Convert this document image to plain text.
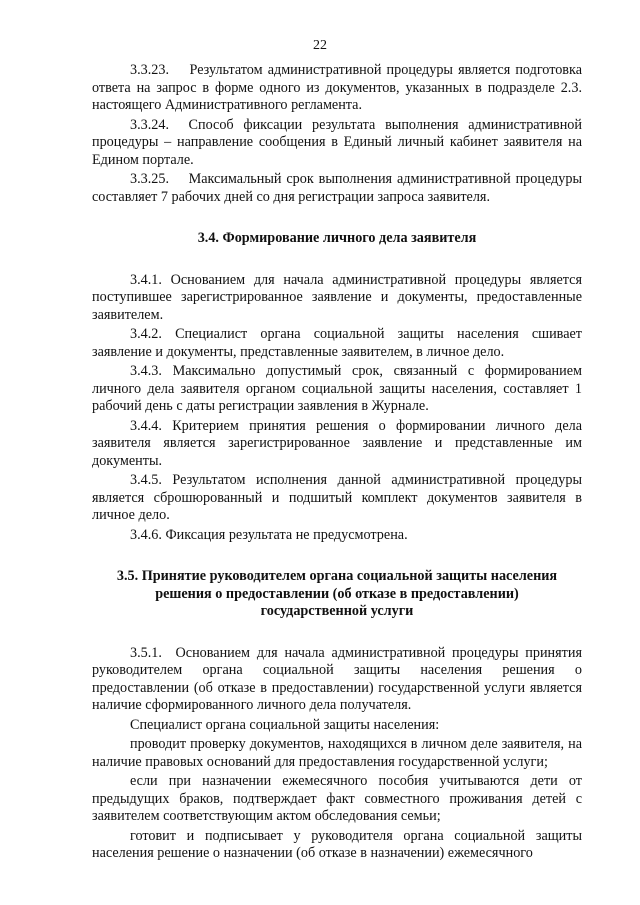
22

3.3.23.    Результатом административной процедуры является подготовка ответа на запрос в форме одного из документов, указанных в подразделе 2.3. настоящего Административного регламента.

3.3.24.  Способ фиксации результата выполнения административной процедуры – направление сообщения в Единый личный кабинет заявителя на Едином портале.

3.3.25.    Максимальный срок выполнения административной процедуры составляет 7 рабочих дней со дня регистрации запроса заявителя.

3.4. Формирование личного дела заявителя

3.4.1. Основанием для начала административной процедуры является поступившее зарегистрированное заявление и документы, предоставленные заявителем.

3.4.2. Специалист органа социальной защиты населения сшивает заявление и документы, представленные заявителем, в личное дело.

3.4.3. Максимально допустимый срок, связанный с формированием личного дела заявителя органом социальной защиты населения, составляет 1 рабочий день с даты регистрации заявления в Журнале.

3.4.4. Критерием принятия решения о формировании личного дела заявителя является зарегистрированное заявление и представленные им документы.

3.4.5. Результатом исполнения данной административной процедуры является сброшюрованный и подшитый комплект документов заявителя в личное дело.

3.4.6. Фиксация результата не предусмотрена.

3.5. Принятие руководителем органа социальной защиты населения решения о предоставлении (об отказе в предоставлении) государственной услуги

3.5.1.  Основанием для начала административной процедуры принятия руководителем органа социальной защиты населения решения о предоставлении (об отказе в предоставлении) государственной услуги является наличие сформированного личного дела получателя.

Специалист органа социальной защиты населения:

проводит проверку документов, находящихся в личном деле заявителя, на наличие правовых оснований для предоставления государственной услуги;

если при назначении ежемесячного пособия учитываются дети от предыдущих браков, подтверждает факт совместного проживания детей с заявителем соответствующим актом обследования семьи;

готовит и подписывает у руководителя органа социальной защиты населения решение о назначении (об отказе в назначении) ежемесячного
